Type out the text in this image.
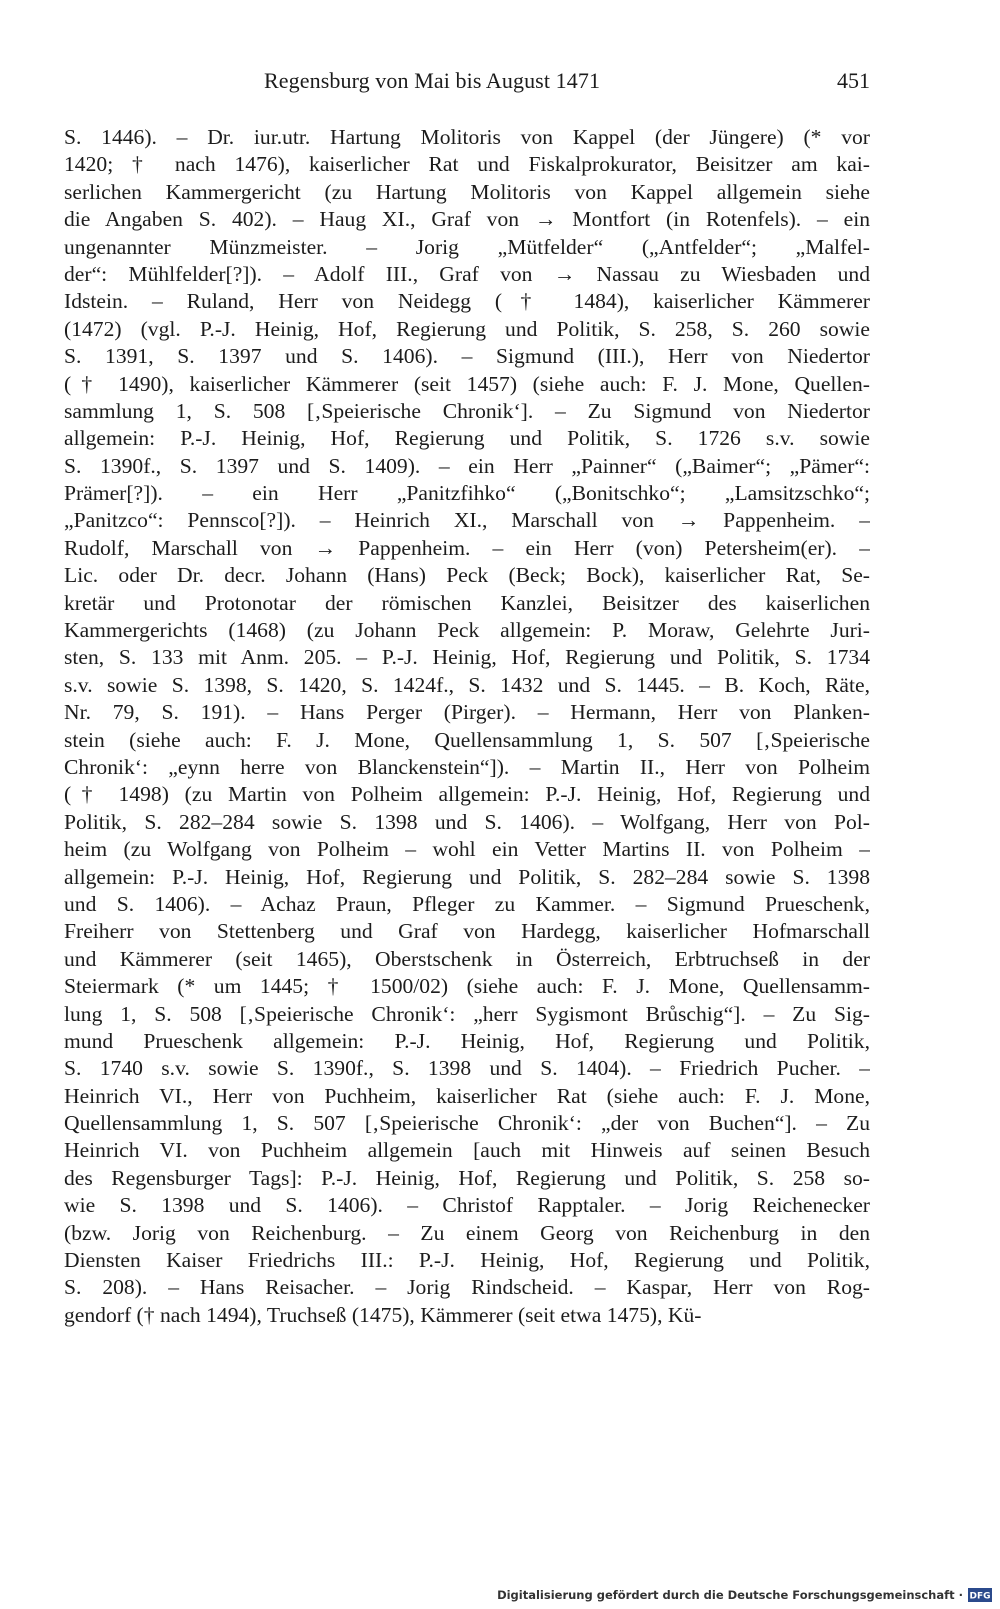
Regensburg von Mai bis August 1471	451
S. 1446). – Dr. iur.utr. Hartung Molitoris von Kappel (der Jüngere) (* vor
1420; † nach 1476), kaiserlicher Rat und Fiskalprokurator, Beisitzer am kai-
serlichen Kammergericht (zu Hartung Molitoris von Kappel allgemein siehe
die Angaben S. 402). – Haug XI., Graf von → Montfort (in Rotenfels). – ein
ungenannter Münzmeister. – Jorig „Mütfelder“ („Antfelder“; „Malfel-
der“: Mühlfelder[?]). – Adolf III., Graf von → Nassau zu Wiesbaden und
Idstein. – Ruland, Herr von Neidegg († 1484), kaiserlicher Kämmerer
(1472) (vgl. P.-J. Heinig, Hof, Regierung und Politik, S. 258, S. 260 sowie
S. 1391, S. 1397 und S. 1406). – Sigmund (III.), Herr von Niedertor
(† 1490), kaiserlicher Kämmerer (seit 1457) (siehe auch: F. J. Mone, Quellen-
sammlung 1, S. 508 [‚Speierische Chronik‘]. – Zu Sigmund von Niedertor
allgemein: P.-J. Heinig, Hof, Regierung und Politik, S. 1726 s.v. sowie
S. 1390f., S. 1397 und S. 1409). – ein Herr „Painner“ („Baimer“; „Pämer“:
Prämer[?]). – ein Herr „Panitzfihko“ („Bonitschko“; „Lamsitzschko“;
„Panitzco“: Pennsco[?]). – Heinrich XI., Marschall von → Pappenheim. –
Rudolf, Marschall von → Pappenheim. – ein Herr (von) Petersheim(er). –
Lic. oder Dr. decr. Johann (Hans) Peck (Beck; Bock), kaiserlicher Rat, Se-
kretär und Protonotar der römischen Kanzlei, Beisitzer des kaiserlichen
Kammergerichts (1468) (zu Johann Peck allgemein: P. Moraw, Gelehrte Juri-
sten, S. 133 mit Anm. 205. – P.-J. Heinig, Hof, Regierung und Politik, S. 1734
s.v. sowie S. 1398, S. 1420, S. 1424f., S. 1432 und S. 1445. – B. Koch, Räte,
Nr. 79, S. 191). – Hans Perger (Pirger). – Hermann, Herr von Planken-
stein (siehe auch: F. J. Mone, Quellensammlung 1, S. 507 [‚Speierische
Chronik‘: „eynn herre von Blanckenstein“]). – Martin II., Herr von Polheim
(† 1498) (zu Martin von Polheim allgemein: P.-J. Heinig, Hof, Regierung und
Politik, S. 282–284 sowie S. 1398 und S. 1406). – Wolfgang, Herr von Pol-
heim (zu Wolfgang von Polheim – wohl ein Vetter Martins II. von Polheim –
allgemein: P.-J. Heinig, Hof, Regierung und Politik, S. 282–284 sowie S. 1398
und S. 1406). – Achaz Praun, Pfleger zu Kammer. – Sigmund Prueschenk,
Freiherr von Stettenberg und Graf von Hardegg, kaiserlicher Hofmarschall
und Kämmerer (seit 1465), Oberstschenk in Österreich, Erbtruchseß in der
Steiermark (* um 1445; † 1500/02) (siehe auch: F. J. Mone, Quellensamm-
lung 1, S. 508 [‚Speierische Chronik‘: „herr Sygismont Brůschig“]. – Zu Sig-
mund Prueschenk allgemein: P.-J. Heinig, Hof, Regierung und Politik,
S. 1740 s.v. sowie S. 1390f., S. 1398 und S. 1404). – Friedrich Pucher. –
Heinrich VI., Herr von Puchheim, kaiserlicher Rat (siehe auch: F. J. Mone,
Quellensammlung 1, S. 507 [‚Speierische Chronik‘: „der von Buchen“]. – Zu
Heinrich VI. von Puchheim allgemein [auch mit Hinweis auf seinen Besuch
des Regensburger Tags]: P.-J. Heinig, Hof, Regierung und Politik, S. 258 so-
wie S. 1398 und S. 1406). – Christof Rapptaler. – Jorig Reichenecker
(bzw. Jorig von Reichenburg. – Zu einem Georg von Reichenburg in den
Diensten Kaiser Friedrichs III.: P.-J. Heinig, Hof, Regierung und Politik,
S. 208). – Hans Reisacher. – Jorig Rindscheid. – Kaspar, Herr von Rog-
gendorf († nach 1494), Truchseß (1475), Kämmerer (seit etwa 1475), Kü-
Digitalisierung gefördert durch die Deutsche Forschungsgemeinschaft · DFG
